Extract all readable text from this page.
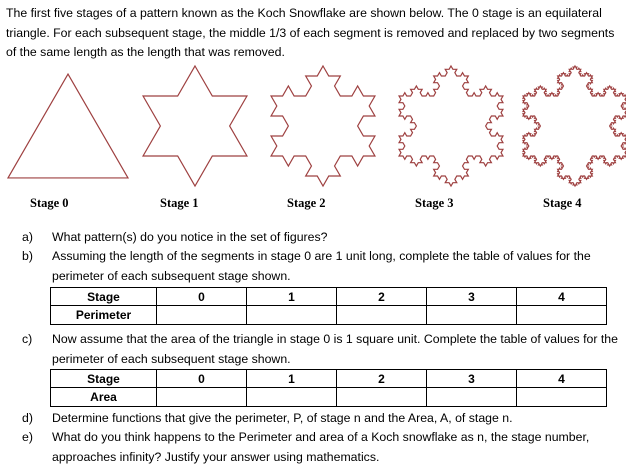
The first five stages of a pattern known as the Koch Snowflake are shown below. The 0 stage is an equilateral triangle. For each subsequent stage, the middle 1/3 of each segment is removed and replaced by two segments of the same length as the length that was removed.
Stage 0	Stage 1	Stage 2	Stage 3	Stage 4
a)	What pattern(s) do you notice in the set of figures?
b)	Assuming the length of the segments in stage 0 are 1 unit long, complete the table of values for the perimeter of each subsequent stage shown.
Stage	0	1	2	3	4
Perimeter					
c)	Now assume that the area of the triangle in stage 0 is 1 square unit. Complete the table of values for the perimeter of each subsequent stage shown.
Stage	0	1	2	3	4
Area					
d)	Determine functions that give the perimeter, P, of stage n and the Area, A, of stage n.
e)	What do you think happens to the Perimeter and area of a Koch snowflake as n, the stage number, approaches infinity? Justify your answer using mathematics.
